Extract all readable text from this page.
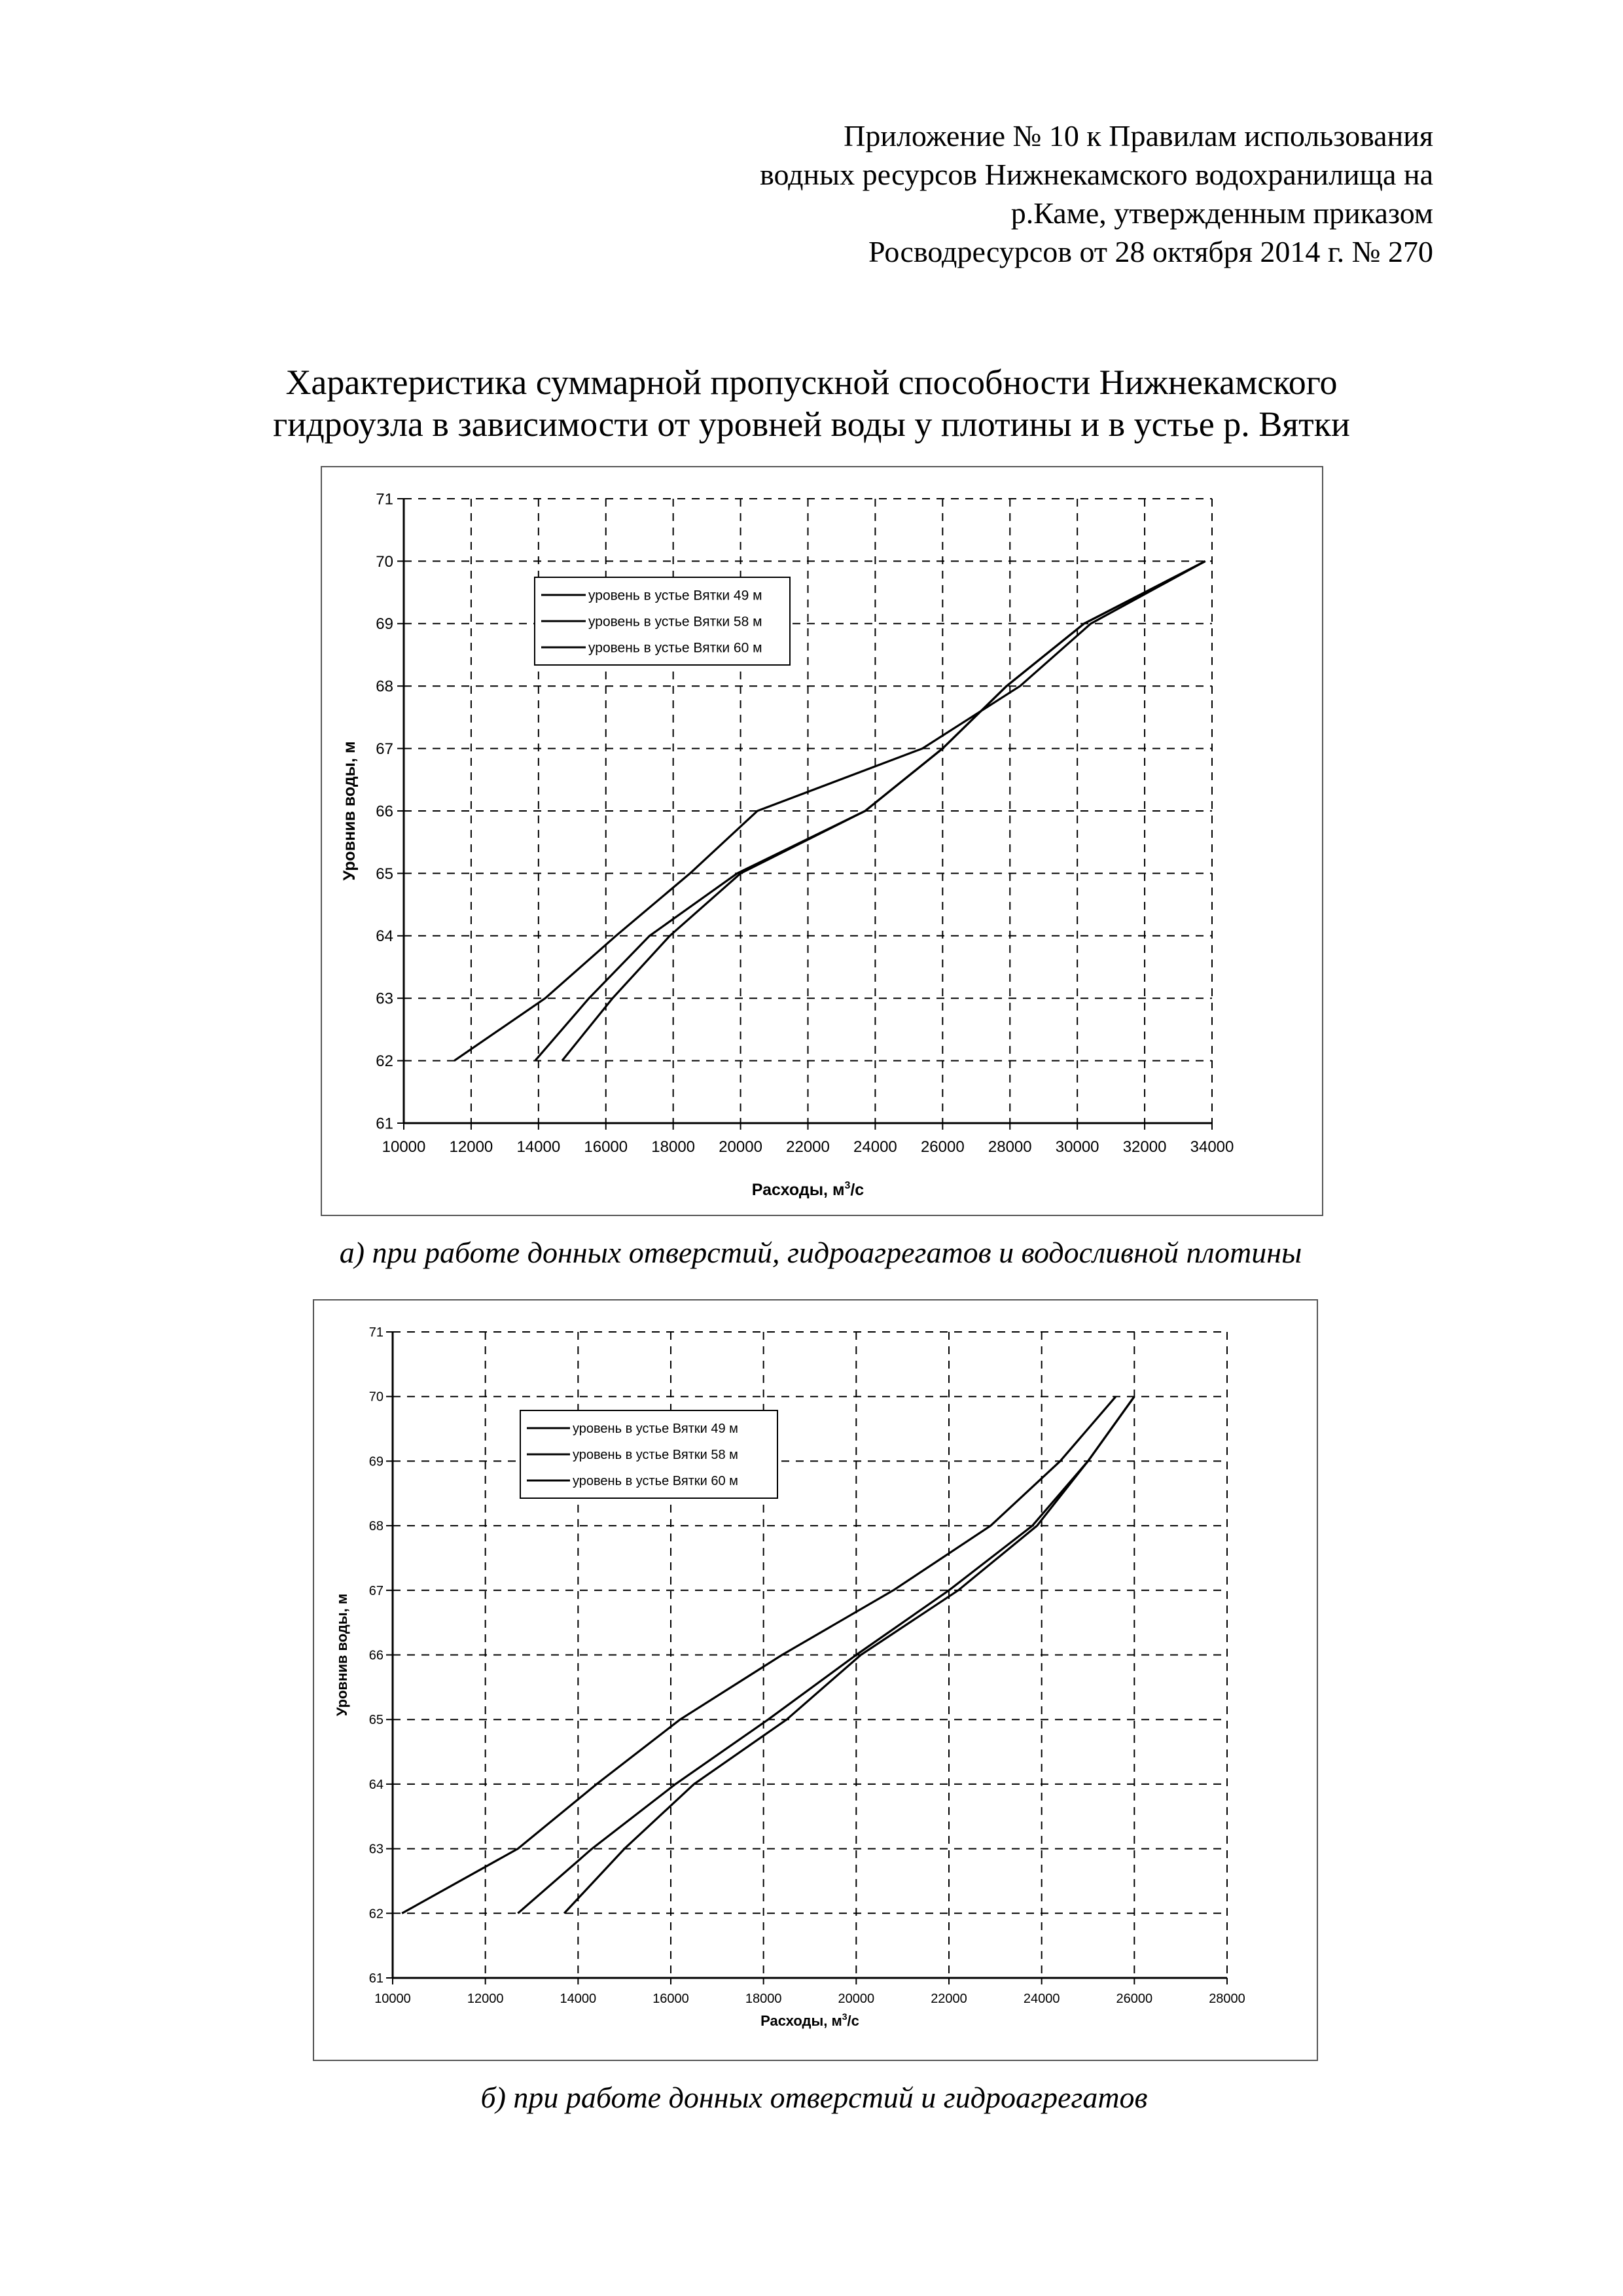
Приложение № 10 к Правилам использования
водных ресурсов Нижнекамского водохранилища на
р.Каме, утвержденным приказом
Росводресурсов от 28 октября 2014 г. № 270
Характеристика суммарной пропускной способности Нижнекамского
гидроузла в зависимости от уровней воды у плотины и в устье р. Вятки
10000 12000 14000 16000 18000 20000 22000 24000 26000 28000 30000 32000 34000
61
62
63
64
65
66
67
68
69
70
71
уровень в устье Вятки 49 м
уровень в устье Вятки 58 м
уровень в устье Вятки 60 м
Расходы, $м^3/с$
Уровнив воды, м
а) при работе донных отверстий, гидроагрегатов и водосливной плотины
10000	12000	14000	16000	18000	20000	22000	24000	26000	28000
61
62
63
64
65
66
67
68
69
70
71
уровень в устье Вятки 49 м
уровень в устье Вятки 58 м
уровень в устье Вятки 60 м
Расходы, $м^3/с$
Уровнив воды, м
б) при работе донных отверстий и гидроагрегатов
